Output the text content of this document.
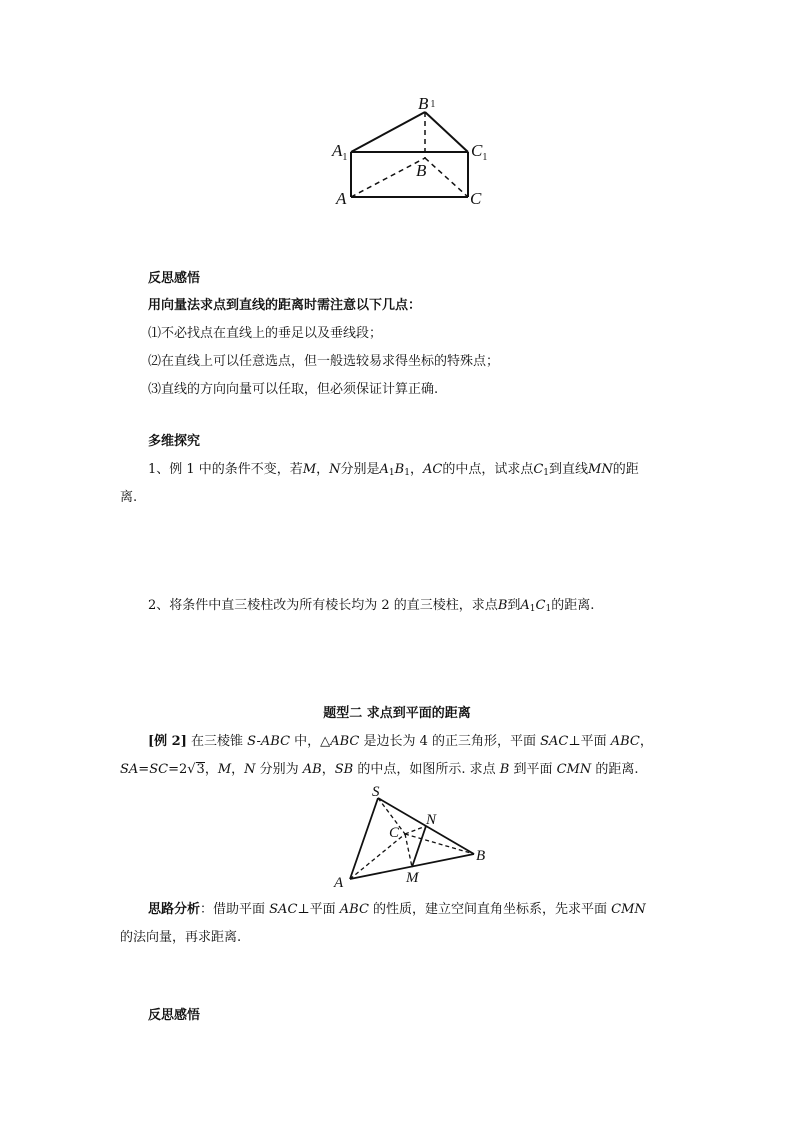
B 1
$A_1$	$C_1$
B
A	C

反思感悟

用向量法求点到直线的距离时需注意以下几点：

⑴不必找点在直线上的垂足以及垂线段；

⑵在直线上可以任意选点，但一般选较易求得坐标的特殊点；

⑶直线的方向向量可以任取，但必须保证计算正确.

多维探究

1、例 1 中的条件不变，若M，N分别是$A_1B_1$，AC的中点，试求点$C_1$到直线MN的距

离.

2、将条件中直三棱柱改为所有棱长均为 2 的直三棱柱，求点B到$A_1C_1$的距离.

题型二 求点到平面的距离

[例 2] 在三棱锥 S-ABC 中，△ABC 是边长为 4 的正三角形，平面 SAC⊥平面 ABC，

SA=SC=2√3，M，N 分别为 AB，SB 的中点，如图所示. 求点 B 到平面 CMN 的距离.

S
N
C
B
A	M

思路分析：借助平面 SAC⊥平面 ABC 的性质，建立空间直角坐标系，先求平面 CMN

的法向量，再求距离.

反思感悟
